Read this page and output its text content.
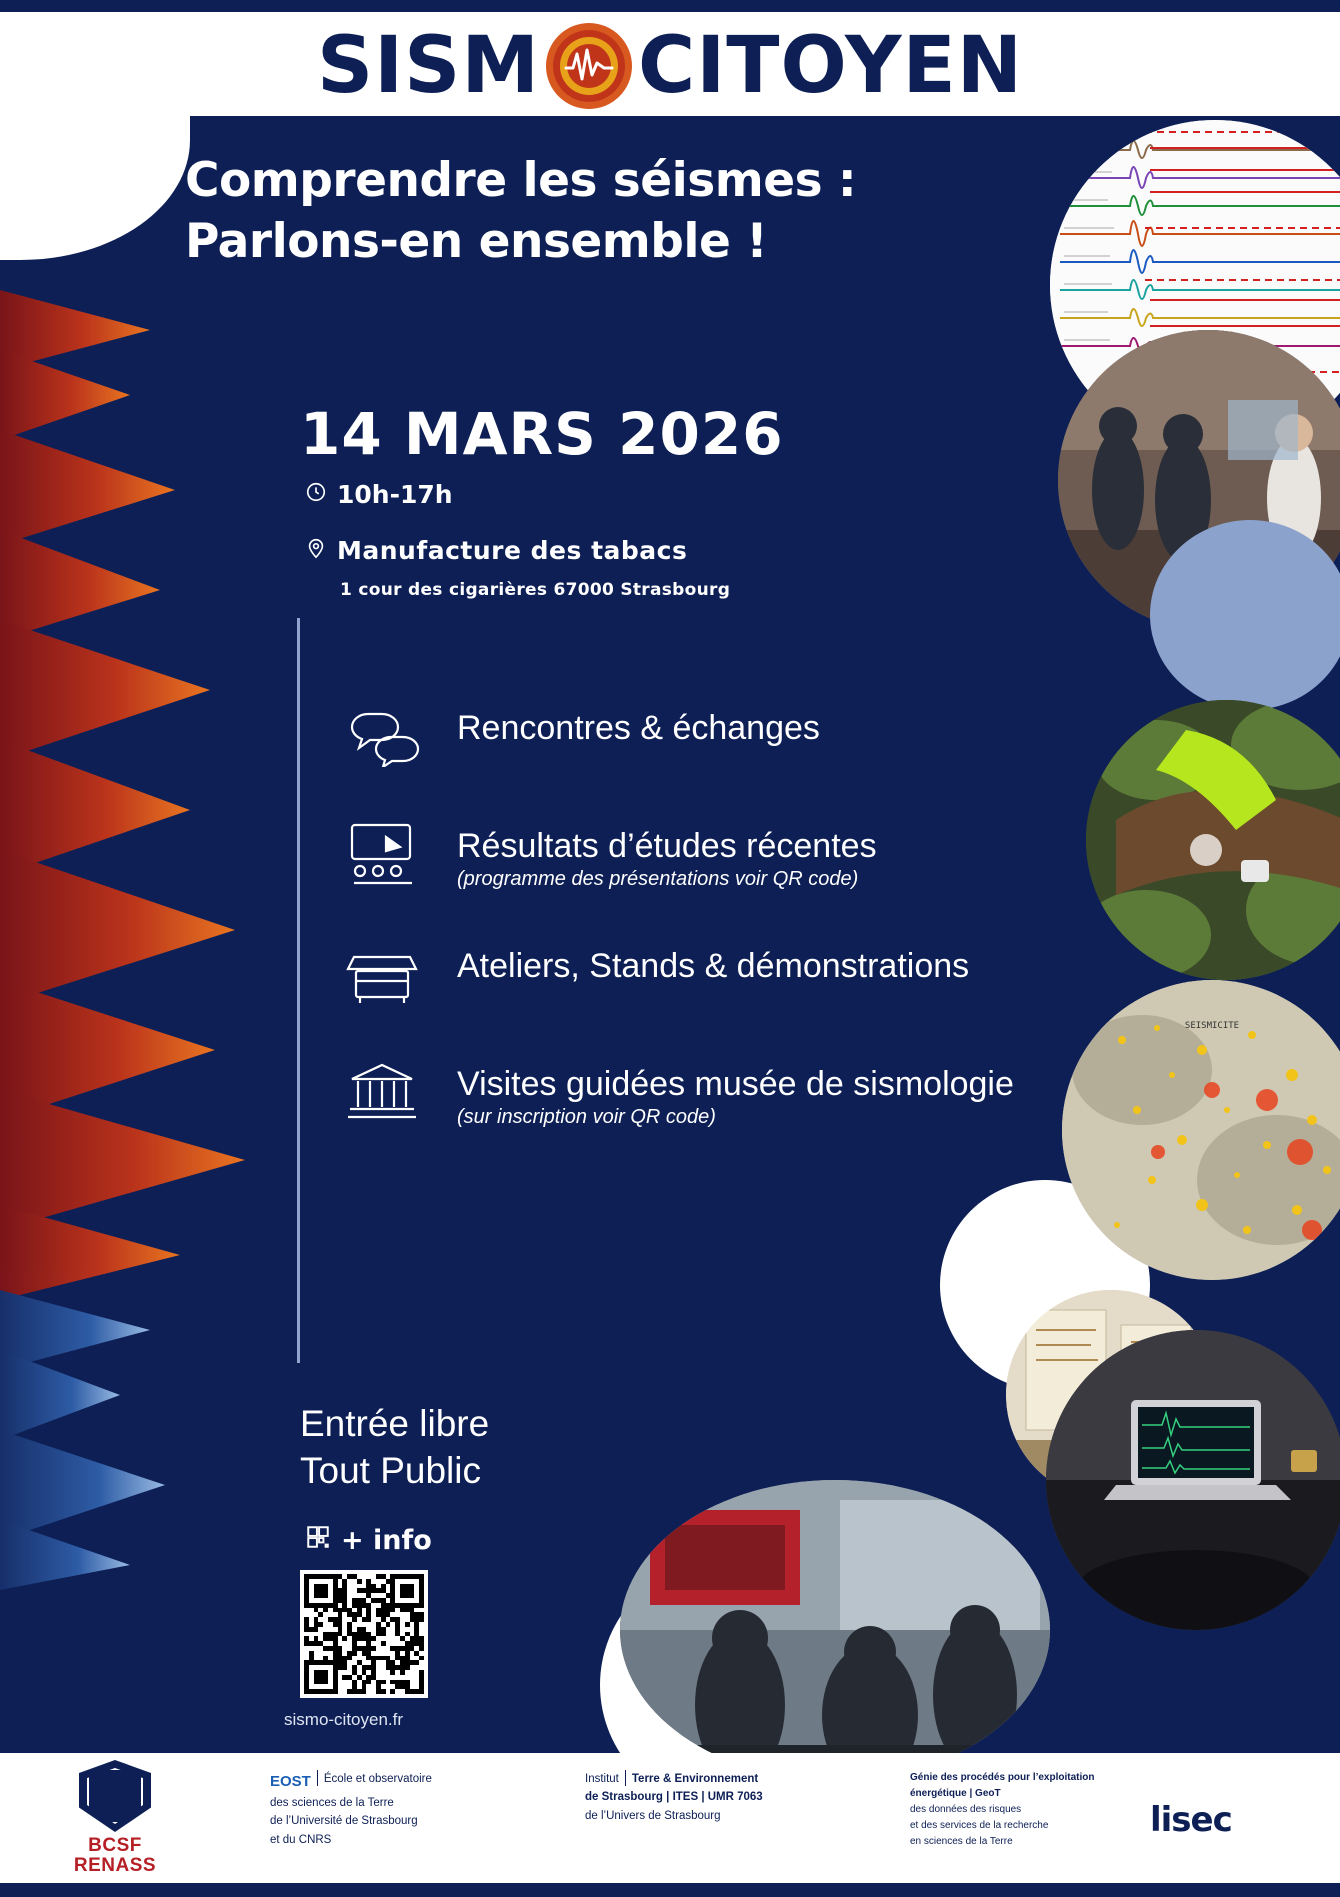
SISM CITOYEN
SEISMICITE
Comprendre les séismes :
Parlons-en ensemble !
14 MARS 2026
10h-17h
Manufacture des tabacs
1 cour des cigarières 67000 Strasbourg
Rencontres & échanges
Résultats d’études récentes
(programme des présentations voir QR code)
Ateliers, Stands & démonstrations
Visites guidées musée de sismologie
(sur inscription voir QR code)
Entrée libre
Tout Public
+ info
sismo-citoyen.fr
BCSF
RENASS
EOST École et observatoire
des sciences de la Terre
de l’Université de Strasbourg
et du CNRS
Institut Terre & Environnement
de Strasbourg | ITES | UMR 7063
de l’Univers de Strasbourg
Génie des procédés pour l’exploitation
énergétique | GeoT
des données des risques
et des services de la recherche
en sciences de la Terre
lisec
